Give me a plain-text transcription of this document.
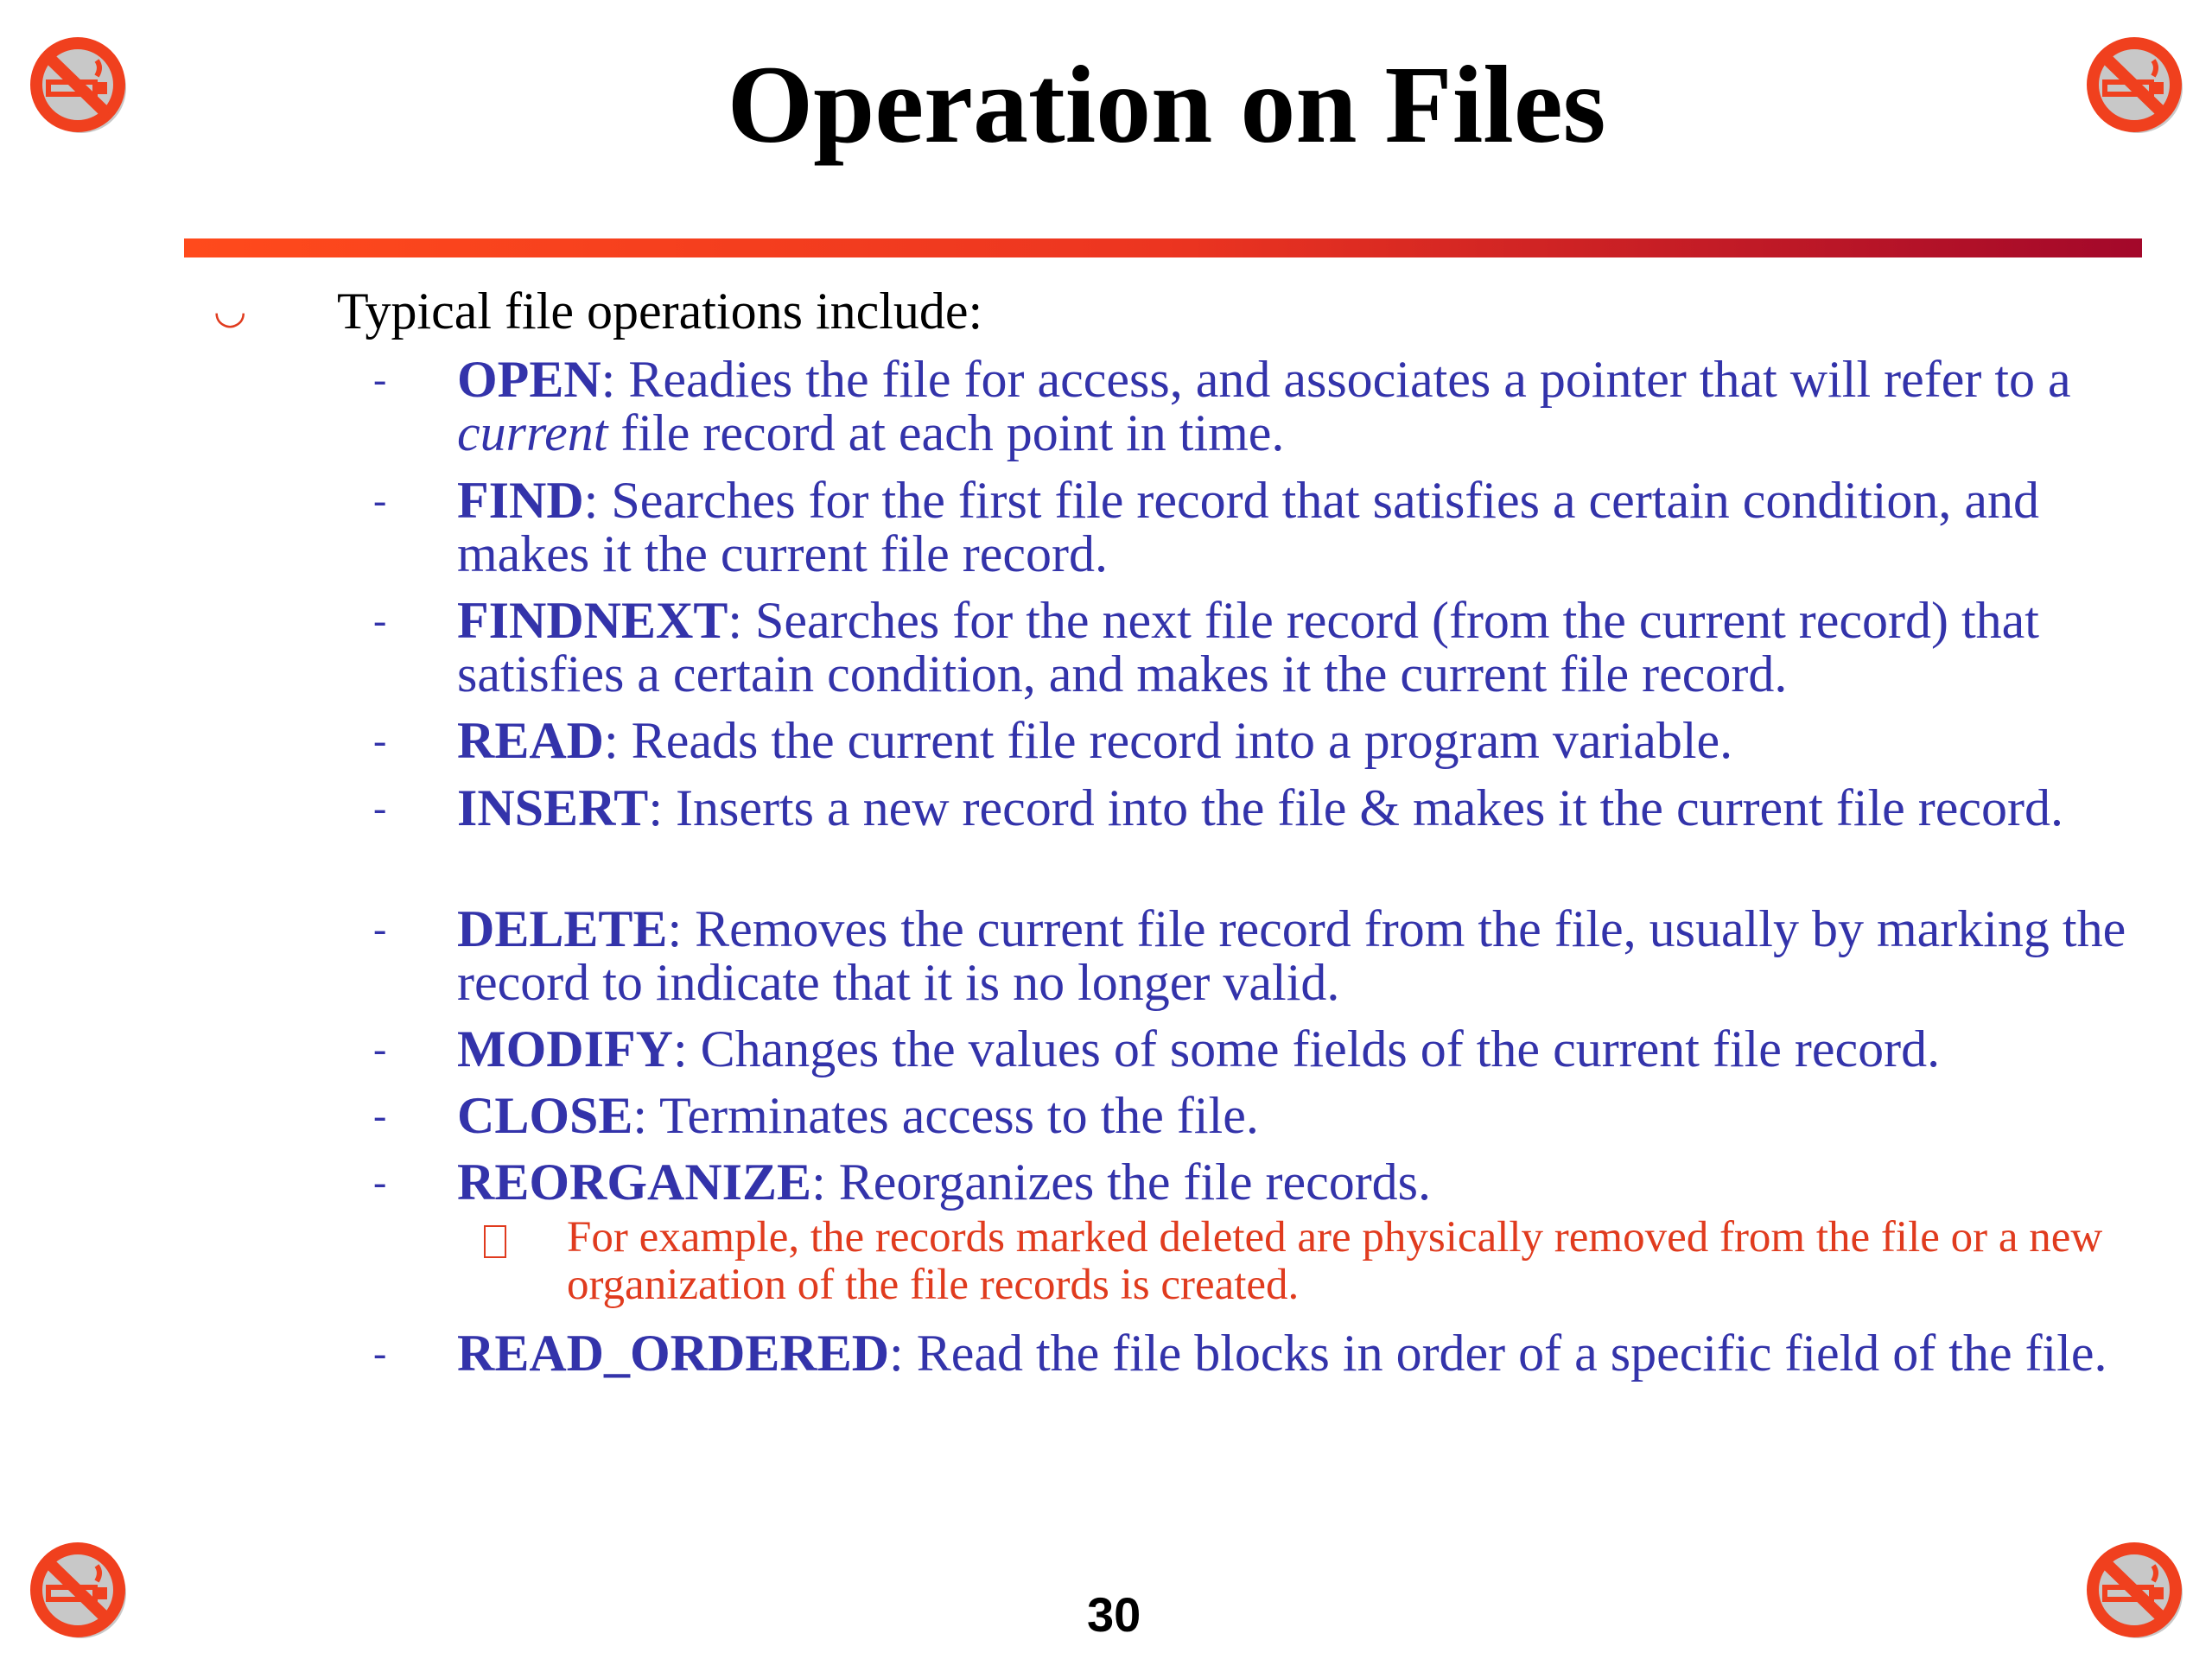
Operation on Files
◡ Typical file operations include:
- OPEN: Readies the file for access, and associates a pointer that will refer to a current file record at each point in time.
- FIND: Searches for the first file record that satisfies a certain condition, and makes it the current file record.
- FINDNEXT: Searches for the next file record (from the current record) that satisfies a certain condition, and makes it the current file record.
- READ: Reads the current file record into a program variable.
- INSERT: Inserts a new record into the file & makes it the current file record.
- DELETE: Removes the current file record from the file, usually by marking the record to indicate that it is no longer valid.
- MODIFY: Changes the values of some fields of the current file record.
- CLOSE: Terminates access to the file.
- REORGANIZE: Reorganizes the file records.
For example, the records marked deleted are physically removed from the file or a new organization of the file records is created.
- READ_ORDERED: Read the file blocks in order of a specific field of the file.
30
